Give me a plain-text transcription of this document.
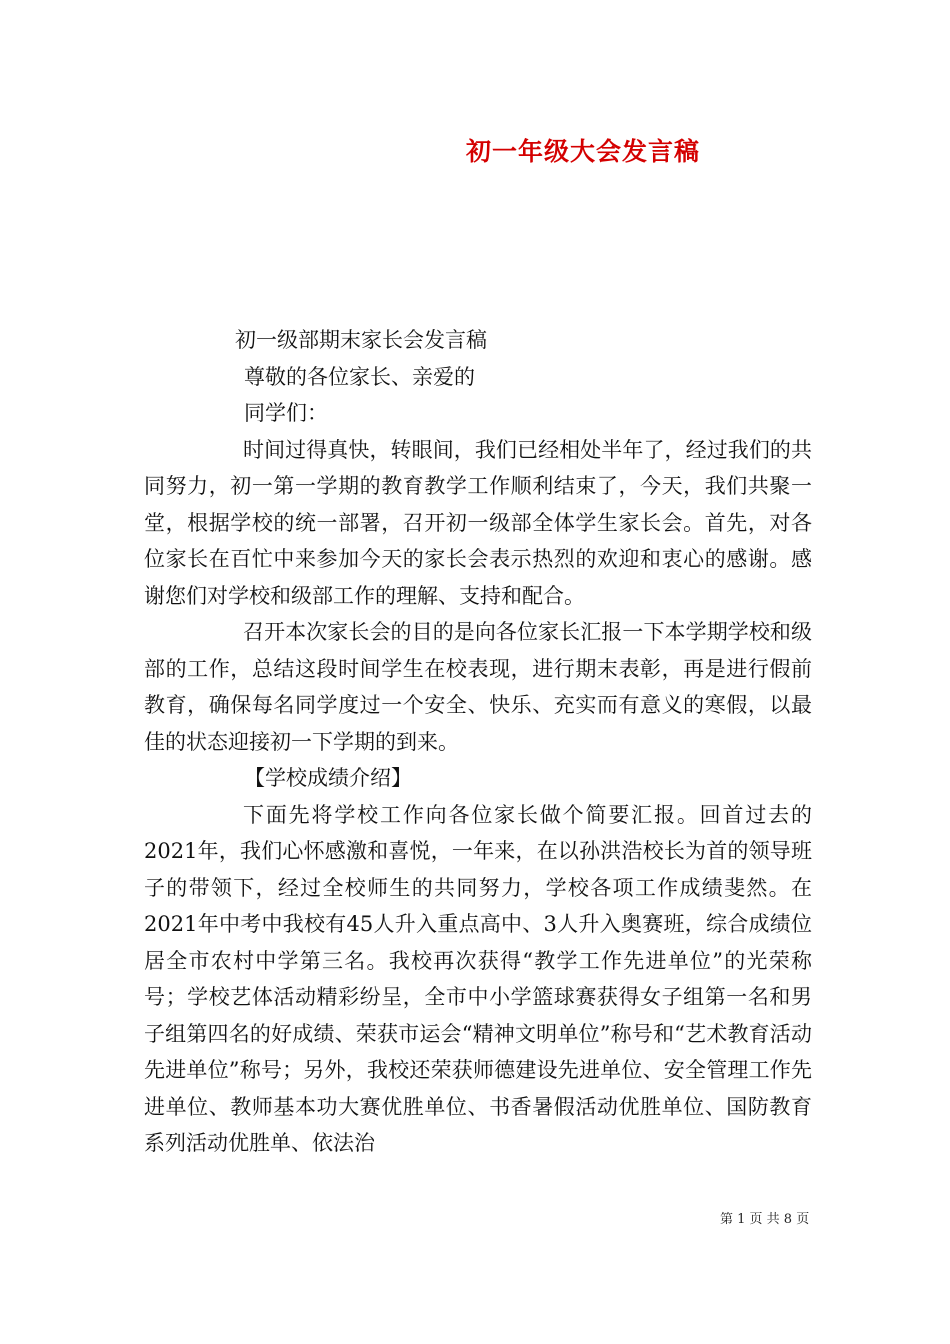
初一年级大会发言稿

初一级部期末家长会发言稿

尊敬的各位家长、亲爱的

同学们：

时间过得真快，转眼间，我们已经相处半年了，经过我们的共同努力，初一第一学期的教育教学工作顺利结束了，今天，我们共聚一堂，根据学校的统一部署，召开初一级部全体学生家长会。首先，对各位家长在百忙中来参加今天的家长会表示热烈的欢迎和衷心的感谢。感谢您们对学校和级部工作的理解、支持和配合。

召开本次家长会的目的是向各位家长汇报一下本学期学校和级部的工作，总结这段时间学生在校表现，进行期末表彰，再是进行假前教育，确保每名同学度过一个安全、快乐、充实而有意义的寒假，以最佳的状态迎接初一下学期的到来。

【学校成绩介绍】

下面先将学校工作向各位家长做个简要汇报。回首过去的2021年，我们心怀感激和喜悦，一年来，在以孙洪浩校长为首的领导班子的带领下，经过全校师生的共同努力，学校各项工作成绩斐然。在2021年中考中我校有45人升入重点高中、3人升入奥赛班，综合成绩位居全市农村中学第三名。我校再次获得“教学工作先进单位”的光荣称号；学校艺体活动精彩纷呈，全市中小学篮球赛获得女子组第一名和男子组第四名的好成绩、荣获市运会“精神文明单位”称号和“艺术教育活动先进单位”称号；另外，我校还荣获师德建设先进单位、安全管理工作先进单位、教师基本功大赛优胜单位、书香暑假活动优胜单位、国防教育系列活动优胜单、依法治

第 1 页 共 8 页
